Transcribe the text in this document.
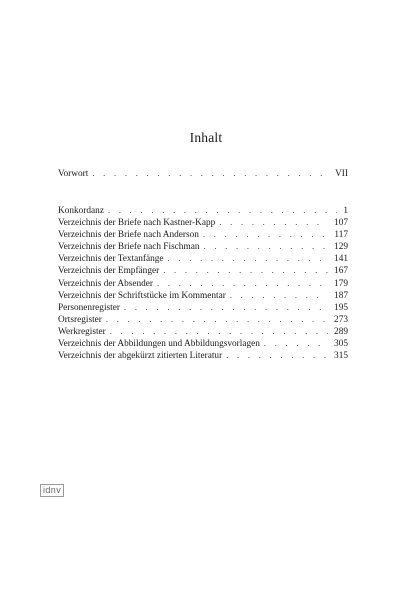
Inhalt
Vorwort . . .	VII
Konkordanz . . .	1
Verzeichnis der Briefe nach Kastner-Kapp . . .	107
Verzeichnis der Briefe nach Anderson . . .	117
Verzeichnis der Briefe nach Fischman . . .	129
Verzeichnis der Textanfänge . . .	141
Verzeichnis der Empfänger . . .	167
Verzeichnis der Absender . . .	179
Verzeichnis der Schriftstücke im Kommentar . . .	187
Personenregister . . .	195
Ortsregister . . .	273
Werkregister . . .	289
Verzeichnis der Abbildungen und Abbildungsvorlagen . . .	305
Verzeichnis der abgekürzt zitierten Literatur . . .	315
idnv
